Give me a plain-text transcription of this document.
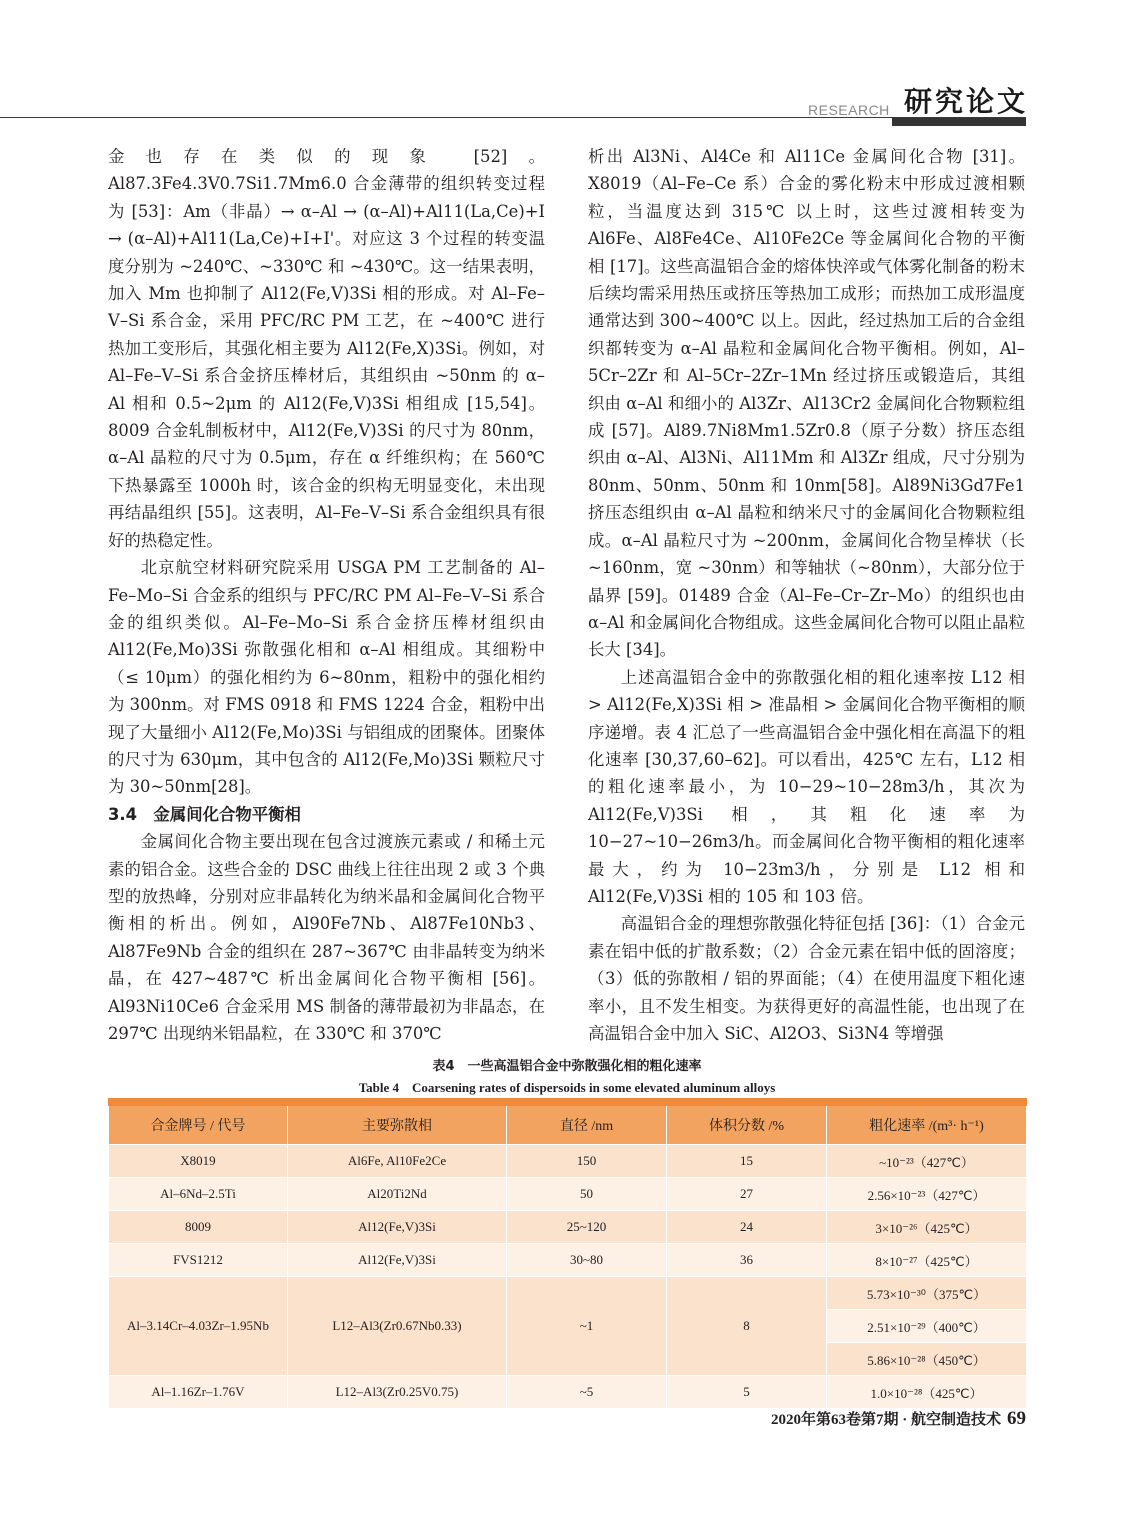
RESEARCH 研究论文

金也存在类似的现象 [52]。Al87.3Fe4.3V0.7Si1.7Mm6.0 合金薄带的组织转变过程为 [53]：Am（非晶）→ α–Al → (α–Al)+Al11(La,Ce)+I → (α–Al)+Al11(La,Ce)+I+I'。对应这 3 个过程的转变温度分别为 ~240℃、~330℃ 和 ~430℃。这一结果表明，加入 Mm 也抑制了 Al12(Fe,V)3Si 相的形成。对 Al–Fe–V–Si 系合金，采用 PFC/RC PM 工艺，在 ~400℃ 进行热加工变形后，其强化相主要为 Al12(Fe,X)3Si。例如，对 Al–Fe–V–Si 系合金挤压棒材后，其组织由 ~50nm 的 α–Al 相和 0.5~2μm 的 Al12(Fe,V)3Si 相组成 [15,54]。8009 合金轧制板材中，Al12(Fe,V)3Si 的尺寸为 80nm，α–Al 晶粒的尺寸为 0.5μm，存在 α 纤维织构；在 560℃ 下热暴露至 1000h 时，该合金的织构无明显变化，未出现再结晶组织 [55]。这表明，Al–Fe–V–Si 系合金组织具有很好的热稳定性。

北京航空材料研究院采用 USGA PM 工艺制备的 Al–Fe–Mo–Si 合金系的组织与 PFC/RC PM Al–Fe–V–Si 系合金的组织类似。Al–Fe–Mo–Si 系合金挤压棒材组织由 Al12(Fe,Mo)3Si 弥散强化相和 α–Al 相组成。其细粉中（≤ 10μm）的强化相约为 6~80nm，粗粉中的强化相约为 300nm。对 FMS 0918 和 FMS 1224 合金，粗粉中出现了大量细小 Al12(Fe,Mo)3Si 与铝组成的团聚体。团聚体的尺寸为 630μm，其中包含的 Al12(Fe,Mo)3Si 颗粒尺寸为 30~50nm[28]。

3.4　金属间化合物平衡相

金属间化合物主要出现在包含过渡族元素或 / 和稀土元素的铝合金。这些合金的 DSC 曲线上往往出现 2 或 3 个典型的放热峰，分别对应非晶转化为纳米晶和金属间化合物平衡相的析出。例如，Al90Fe7Nb、Al87Fe10Nb3、Al87Fe9Nb 合金的组织在 287~367℃ 由非晶转变为纳米晶，在 427~487℃ 析出金属间化合物平衡相 [56]。Al93Ni10Ce6 合金采用 MS 制备的薄带最初为非晶态，在 297℃ 出现纳米铝晶粒，在 330℃ 和 370℃

析出 Al3Ni、Al4Ce 和 Al11Ce 金属间化合物 [31]。X8019（Al–Fe–Ce 系）合金的雾化粉末中形成过渡相颗粒，当温度达到 315℃ 以上时，这些过渡相转变为 Al6Fe、Al8Fe4Ce、Al10Fe2Ce 等金属间化合物的平衡相 [17]。这些高温铝合金的熔体快淬或气体雾化制备的粉末后续均需采用热压或挤压等热加工成形；而热加工成形温度通常达到 300~400℃ 以上。因此，经过热加工后的合金组织都转变为 α–Al 晶粒和金属间化合物平衡相。例如，Al–5Cr–2Zr 和 Al–5Cr–2Zr–1Mn 经过挤压或锻造后，其组织由 α–Al 和细小的 Al3Zr、Al13Cr2 金属间化合物颗粒组成 [57]。Al89.7Ni8Mm1.5Zr0.8（原子分数）挤压态组织由 α–Al、Al3Ni、Al11Mm 和 Al3Zr 组成，尺寸分别为 80nm、50nm、50nm 和 10nm[58]。Al89Ni3Gd7Fe1 挤压态组织由 α–Al 晶粒和纳米尺寸的金属间化合物颗粒组成。α–Al 晶粒尺寸为 ~200nm，金属间化合物呈棒状（长 ~160nm，宽 ~30nm）和等轴状（~80nm），大部分位于晶界 [59]。01489 合金（Al–Fe–Cr–Zr–Mo）的组织也由 α–Al 和金属间化合物组成。这些金属间化合物可以阻止晶粒长大 [34]。

上述高温铝合金中的弥散强化相的粗化速率按 L12 相 > Al12(Fe,X)3Si 相 > 准晶相 > 金属间化合物平衡相的顺序递增。表 4 汇总了一些高温铝合金中强化相在高温下的粗化速率 [30,37,60–62]。可以看出，425℃ 左右，L12 相的粗化速率最小，为 10−29~10−28m3/h，其次为 Al12(Fe,V)3Si 相，其粗化速率为 10−27~10−26m3/h。而金属间化合物平衡相的粗化速率最大，约为 10−23m3/h，分别是 L12 相和 Al12(Fe,V)3Si 相的 105 和 103 倍。

高温铝合金的理想弥散强化特征包括 [36]：（1）合金元素在铝中低的扩散系数；（2）合金元素在铝中低的固溶度；（3）低的弥散相 / 铝的界面能；（4）在使用温度下粗化速率小，且不发生相变。为获得更好的高温性能，也出现了在高温铝合金中加入 SiC、Al2O3、Si3N4 等增强

表4　一些高温铝合金中弥散强化相的粗化速率
Table 4　Coarsening rates of dispersoids in some elevated aluminum alloys
合金牌号 / 代号	主要弥散相	直径 /nm	体积分数 /%	粗化速率 /(m³· h⁻¹)
X8019	Al6Fe, Al10Fe2Ce	150	15	~10⁻²³（427℃）
Al–6Nd–2.5Ti	Al20Ti2Nd	50	27	2.56×10⁻²³（427℃）
8009	Al12(Fe,V)3Si	25~120	24	3×10⁻²⁶（425℃）
FVS1212	Al12(Fe,V)3Si	30~80	36	8×10⁻²⁷（425℃）
Al–3.14Cr–4.03Zr–1.95Nb	L12–Al3(Zr0.67Nb0.33)	~1	8	5.73×10⁻³⁰（375℃）
				2.51×10⁻²⁹（400℃）
				5.86×10⁻²⁸（450℃）
Al–1.16Zr–1.76V	L12–Al3(Zr0.25V0.75)	~5	5	1.0×10⁻²⁸（425℃）
2020年第63卷第7期 · 航空制造技术 69
